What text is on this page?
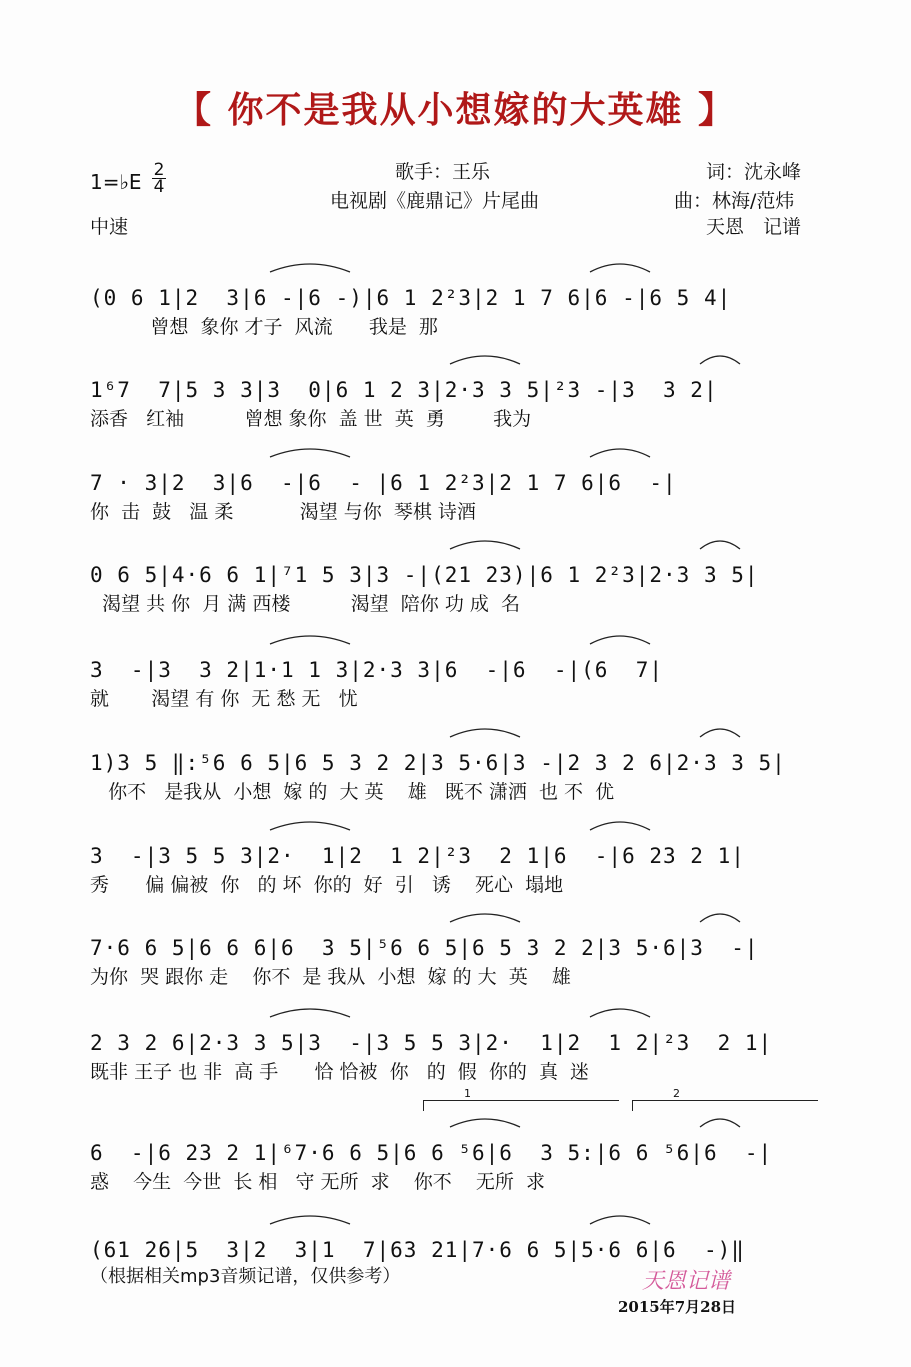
【 你不是我从小想嫁的大英雄 】
1=♭E 2
4
中速
歌手：王乐
电视剧《鹿鼎记》片尾曲
词：沈永峰
曲：林海/范炜
天恩　记谱
(0 6 1|2  3|6 -|6 -)|6 1 2²3|2 1 7 6|6 -|6 5 4|
曾想  象你 才子  风流      我是  那
1⁶7  7|5 3 3|3  0|6 1 2 3|2·3 3 5|²3 -|3  3 2|
添香   红袖          曾想 象你  盖 世  英  勇        我为
7 · 3|2  3|6  -|6  - |6 1 2²3|2 1 7 6|6  -|
你  击  鼓   温 柔           渴望 与你  琴棋 诗酒
0 6 5|4·6 6 1|⁷1 5 3|3 -|(21 23)|6 1 2²3|2·3 3 5|
渴望 共 你  月 满 西楼          渴望  陪你 功 成  名
3  -|3  3 2|1·1 1 3|2·3 3|6  -|6  -|(6  7|
就       渴望 有 你  无 愁 无   忧
1)3 5 ‖:⁵6 6 5|6 5 3 2 2|3 5·6|3 -|2 3 2 6|2·3 3 5|
你不   是我从  小想  嫁 的  大 英    雄   既不 潇洒  也 不  优
3  -|3 5 5 3|2·  1|2  1 2|²3  2 1|6  -|6 23 2 1|
秀      偏 偏被  你   的 坏  你的  好  引   诱    死心  塌地
7·6 6 5|6 6 6|6  3 5|⁵6 6 5|6 5 3 2 2|3 5·6|3  -|
为你  哭 跟你 走    你不  是 我从  小想  嫁 的 大  英    雄
2 3 2 6|2·3 3 5|3  -|3 5 5 3|2·  1|2  1 2|²3  2 1|
既非 王子 也 非  高 手      恰 恰被  你   的  假  你的  真  迷
6  -|6 23 2 1|⁶7·6 6 5|6 6 ⁵6|6  3 5:|6 6 ⁵6|6  -|
惑    今生  今世  长 相   守 无所  求    你不    无所  求
(61 26|5  3|2  3|1  7|63 21|7·6 6 5|5·6 6|6  -)‖
1	2
（根据相关mp3音频记谱，仅供参考）	天恩记谱
2015年7月28日
